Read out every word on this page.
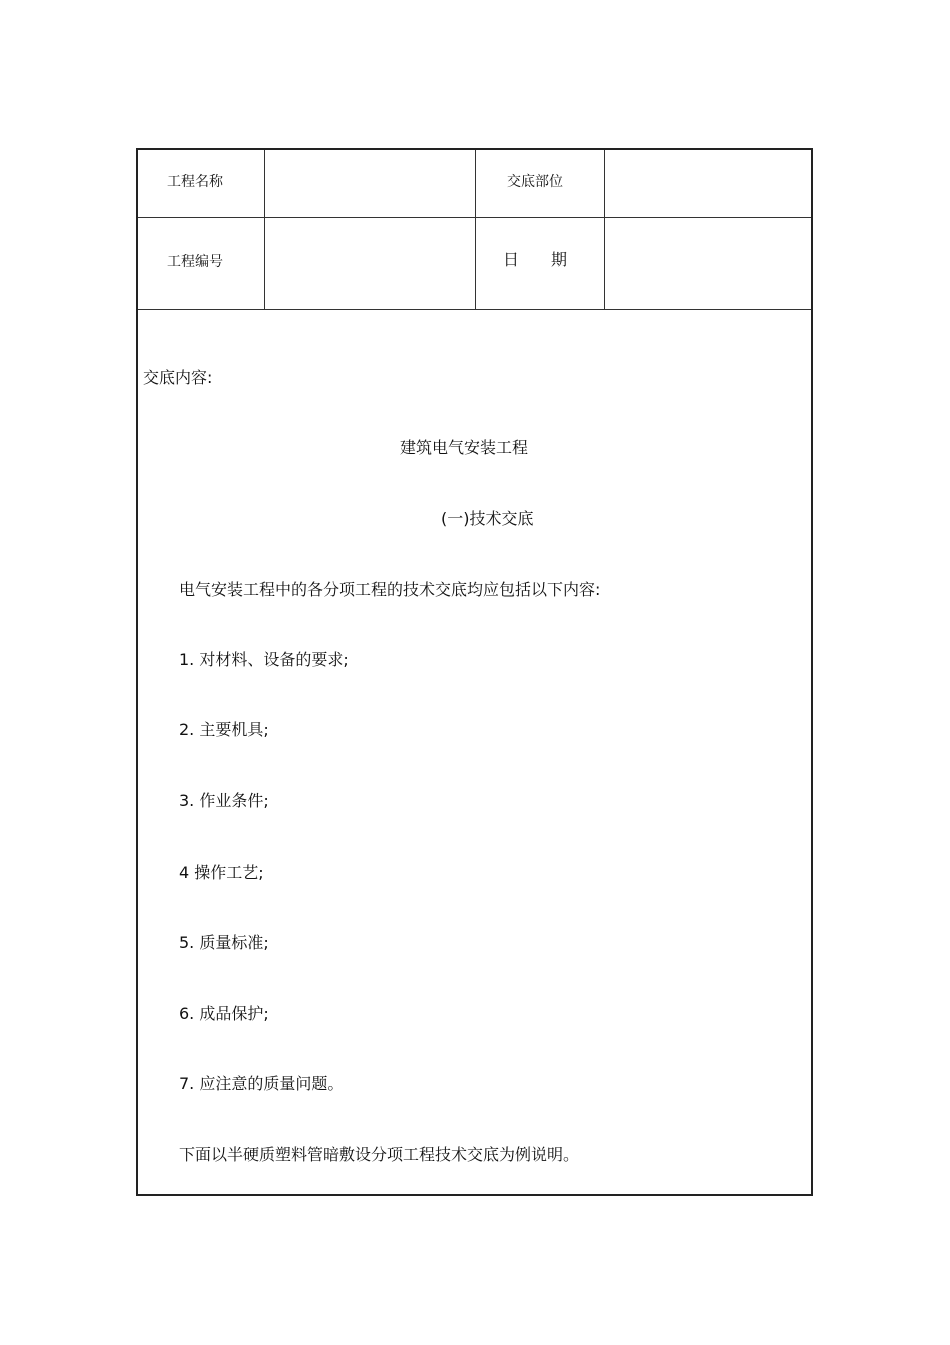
工程名称	交底部位
工程编号	日　　期
交底内容:
建筑电气安装工程
(一)技术交底
电气安装工程中的各分项工程的技术交底均应包括以下内容:
1. 对材料、设备的要求;
2. 主要机具;
3. 作业条件;
4 操作工艺;
5. 质量标准;
6. 成品保护;
7. 应注意的质量问题。
下面以半硬质塑料管暗敷设分项工程技术交底为例说明。
